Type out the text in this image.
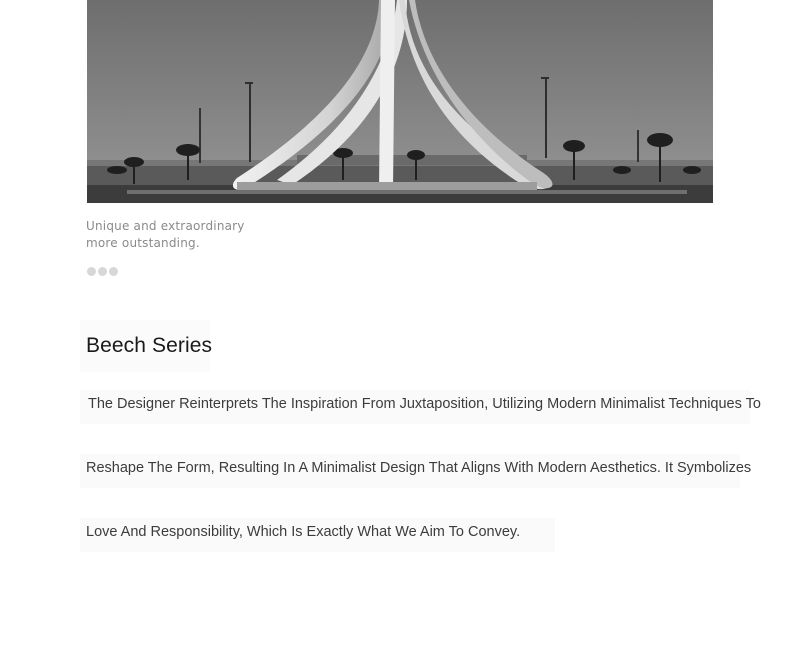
Unique and extraordinary
more outstanding.
Beech Series
The Designer Reinterprets The Inspiration From Juxtaposition, Utilizing Modern Minimalist Techniques To
Reshape The Form, Resulting In A Minimalist Design That Aligns With Modern Aesthetics. It Symbolizes
Love And Responsibility, Which Is Exactly What We Aim To Convey.
